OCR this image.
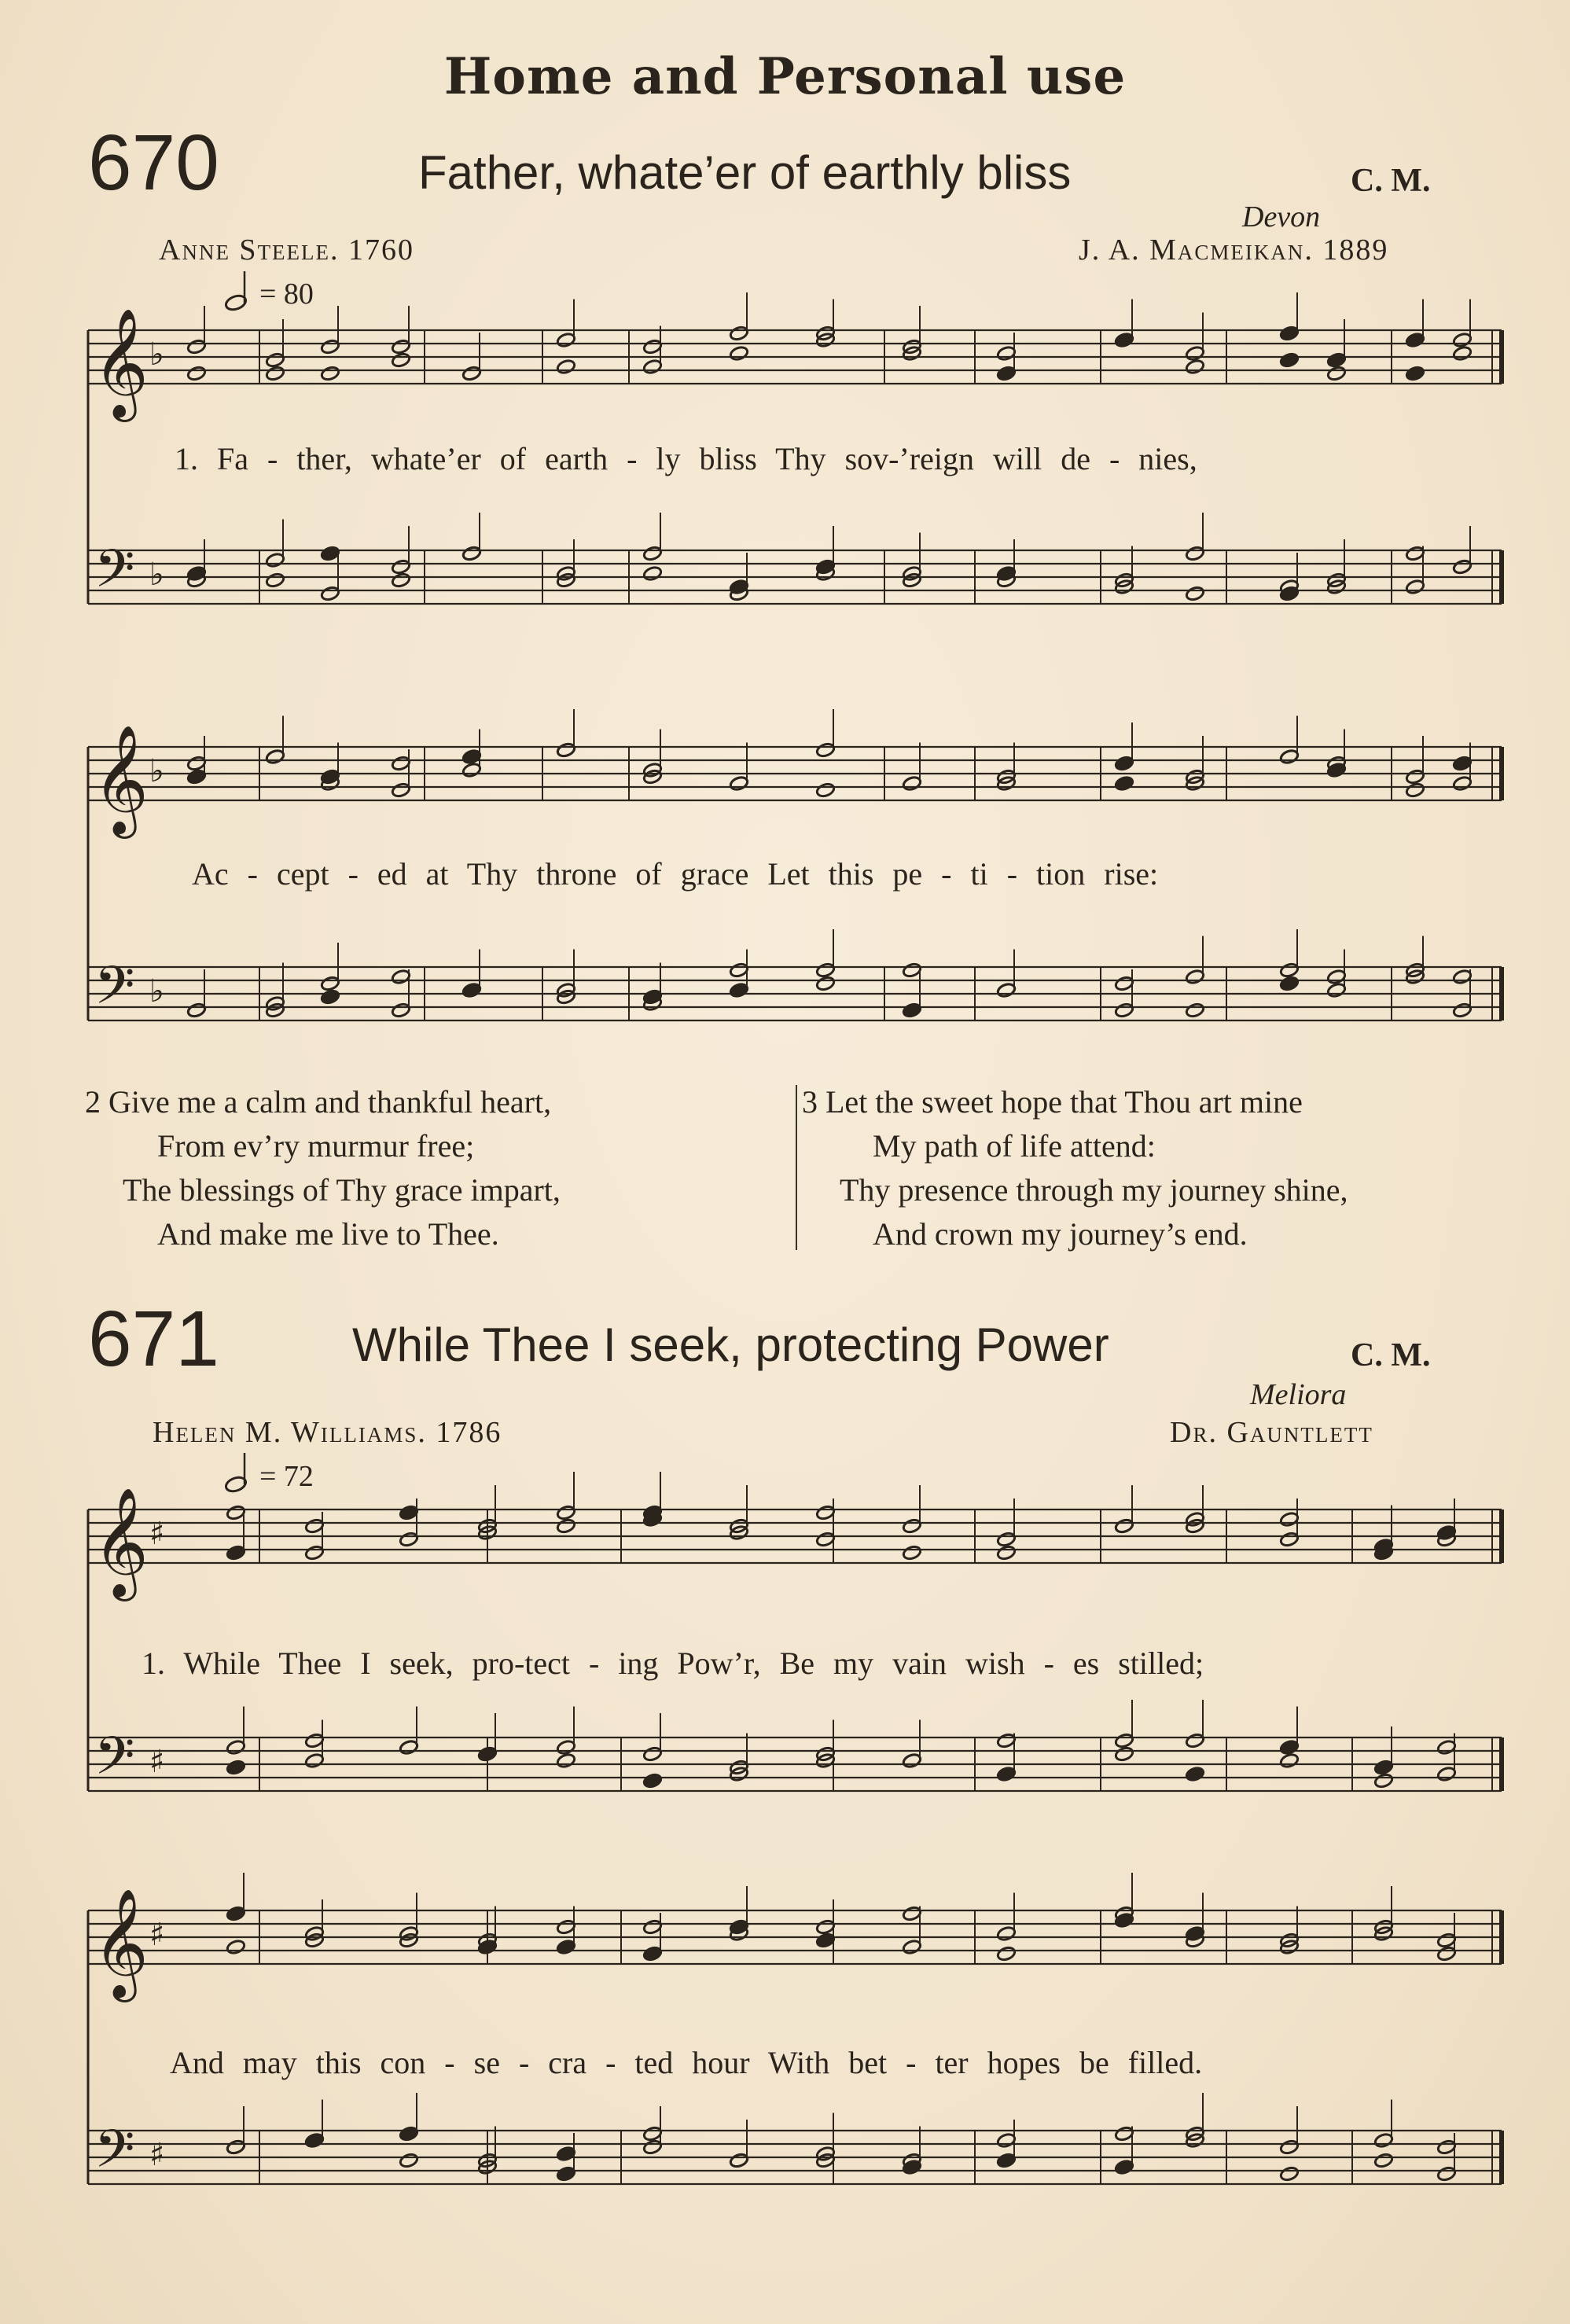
Home and Personal use
670	Father, whate’er of earthly bliss	C. M.
Devon
Anne Steele. 1760	J. A. Macmeikan. 1889
= 80
1. Fa - ther, whate’er of earth - ly bliss Thy sov-’reign will de - nies,
Ac - cept - ed at Thy throne of grace Let this pe - ti - tion rise:
2 Give me a calm and thankful heart,
From ev’ry murmur free;
The blessings of Thy grace impart,
And make me live to Thee.
3 Let the sweet hope that Thou art mine
My path of life attend:
Thy presence through my journey shine,
And crown my journey’s end.
671	While Thee I seek, protecting Power	C. M.
Meliora
Helen M. Williams. 1786	Dr. Gauntlett
= 72
1. While Thee I seek, pro-tect - ing Pow’r, Be my vain wish - es stilled;
And may this con - se - cra - ted hour With bet - ter hopes be filled.
𝄞
𝄢
♭
♭
𝄞
𝄢
♭
♭
𝄞
𝄢
♯
♯
𝄞
𝄢
♯
♯
